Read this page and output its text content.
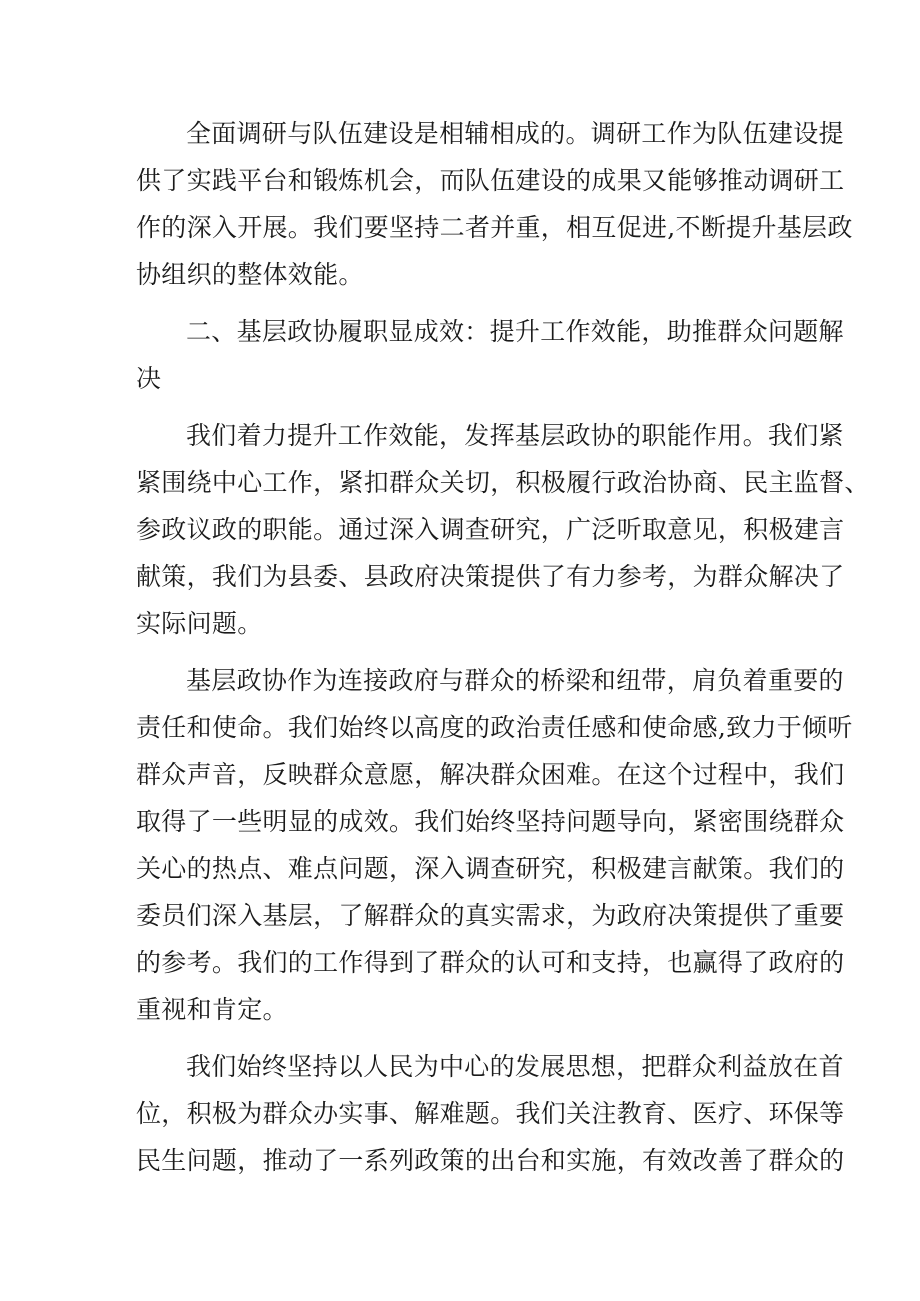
全面调研与队伍建设是相辅相成的。调研工作为队伍建设提
供了实践平台和锻炼机会，而队伍建设的成果又能够推动调研工
作的深入开展。我们要坚持二者并重，相互促进,不断提升基层政
协组织的整体效能。
二、基层政协履职显成效：提升工作效能，助推群众问题解
决
我们着力提升工作效能，发挥基层政协的职能作用。我们紧
紧围绕中心工作，紧扣群众关切，积极履行政治协商、民主监督、
参政议政的职能。通过深入调查研究，广泛听取意见，积极建言
献策，我们为县委、县政府决策提供了有力参考，为群众解决了
实际问题。
基层政协作为连接政府与群众的桥梁和纽带，肩负着重要的
责任和使命。我们始终以高度的政治责任感和使命感,致力于倾听
群众声音，反映群众意愿，解决群众困难。在这个过程中，我们
取得了一些明显的成效。我们始终坚持问题导向，紧密围绕群众
关心的热点、难点问题，深入调查研究，积极建言献策。我们的
委员们深入基层，了解群众的真实需求，为政府决策提供了重要
的参考。我们的工作得到了群众的认可和支持，也赢得了政府的
重视和肯定。
我们始终坚持以人民为中心的发展思想，把群众利益放在首
位，积极为群众办实事、解难题。我们关注教育、医疗、环保等
民生问题，推动了一系列政策的出台和实施，有效改善了群众的
